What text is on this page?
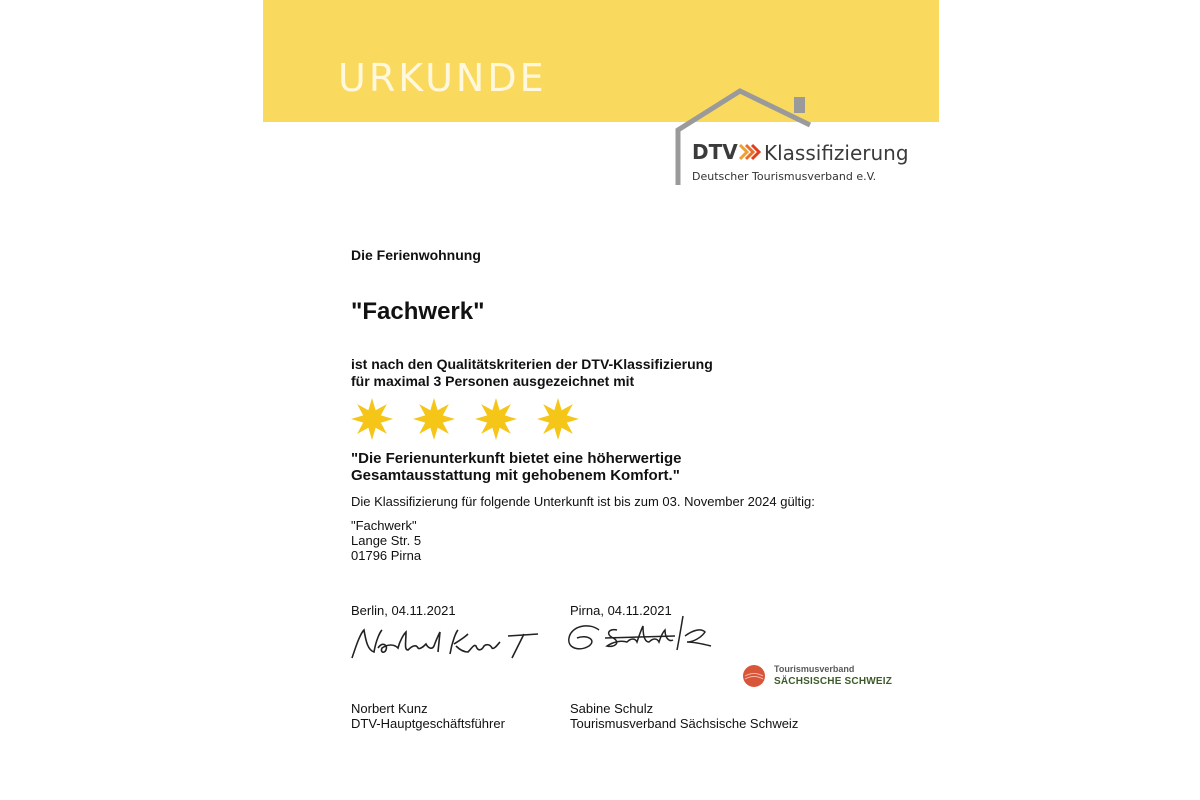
URKUNDE
DTV Klassifizierung
Deutscher Tourismusverband e.V.
Die Ferienwohnung
"Fachwerk"
ist nach den Qualitätskriterien der DTV-Klassifizierung
für maximal 3 Personen ausgezeichnet mit
"Die Ferienunterkunft bietet eine höherwertige
Gesamtausstattung mit gehobenem Komfort."
Die Klassifizierung für folgende Unterkunft ist bis zum 03. November 2024 gültig:
"Fachwerk"
Lange Str. 5
01796 Pirna
Berlin, 04.11.2021	Pirna, 04.11.2021
Tourismusverband
SÄCHSISCHE SCHWEIZ
Norbert Kunz
DTV-Hauptgeschäftsführer
Sabine Schulz
Tourismusverband Sächsische Schweiz
